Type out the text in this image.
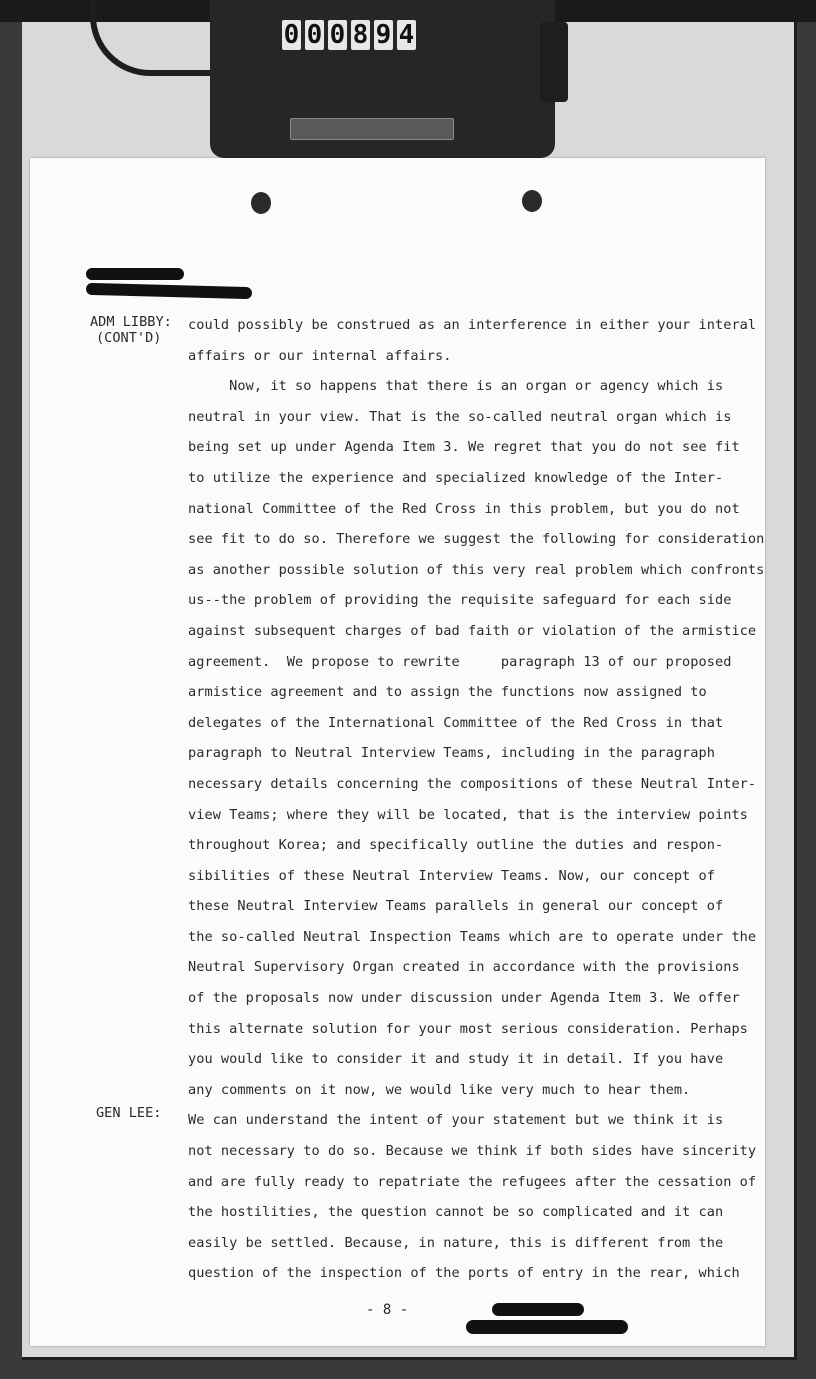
0 0 0 8 9 4
ADM LIBBY:
(CONT'D)
GEN LEE:
could possibly be construed as an interference in either your interal
affairs or our internal affairs.
Now, it so happens that there is an organ or agency which is
neutral in your view. That is the so-called neutral organ which is
being set up under Agenda Item 3. We regret that you do not see fit
to utilize the experience and specialized knowledge of the Inter-
national Committee of the Red Cross in this problem, but you do not
see fit to do so. Therefore we suggest the following for consideration
as another possible solution of this very real problem which confronts
us--the problem of providing the requisite safeguard for each side
against subsequent charges of bad faith or violation of the armistice
agreement.  We propose to rewrite     paragraph 13 of our proposed
armistice agreement and to assign the functions now assigned to
delegates of the International Committee of the Red Cross in that
paragraph to Neutral Interview Teams, including in the paragraph
necessary details concerning the compositions of these Neutral Inter-
view Teams; where they will be located, that is the interview points
throughout Korea; and specifically outline the duties and respon-
sibilities of these Neutral Interview Teams. Now, our concept of
these Neutral Interview Teams parallels in general our concept of
the so-called Neutral Inspection Teams which are to operate under the
Neutral Supervisory Organ created in accordance with the provisions
of the proposals now under discussion under Agenda Item 3. We offer
this alternate solution for your most serious consideration. Perhaps
you would like to consider it and study it in detail. If you have
any comments on it now, we would like very much to hear them.
We can understand the intent of your statement but we think it is
not necessary to do so. Because we think if both sides have sincerity
and are fully ready to repatriate the refugees after the cessation of
the hostilities, the question cannot be so complicated and it can
easily be settled. Because, in nature, this is different from the
question of the inspection of the ports of entry in the rear, which
- 8 -
